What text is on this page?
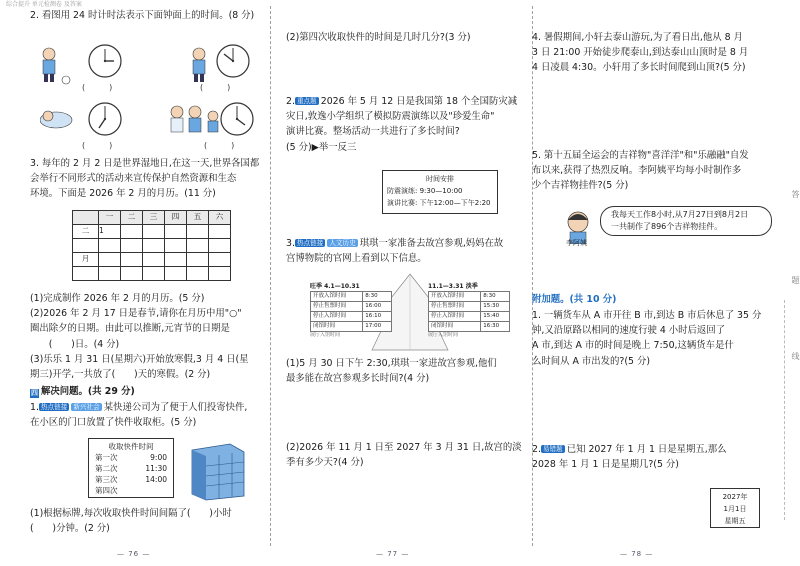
综合提升 单元检测卷 及答案

2. 看图用 24 时计时法表示下面钟面上的时间。(8 分)

(　　　)	(　　　)
(　　　)	(　　　)

3. 每年的 2 月 2 日是世界湿地日,在这一天,世界各国都

会举行不同形式的活动来宣传保护自然资源和生态

环境。下面是 2026 年 2 月的月历。(11 分)

	一	二	三	四	五	六
二	1					

月						

(1)完成制作 2026 年 2 月的月历。(5 分)

(2)2026 年 2 月 17 日是春节,请你在月历中用"○"

圈出除夕的日期。由此可以推断,元宵节的日期是

　　(　　)日。(4 分)

(3)乐乐 1 月 31 日(星期六)开始放寒假,3 月 4 日(星

期三)开学,一共放了(　　)天的寒假。(2 分)

四 解决问题。(共 29 分)

1. 热点链接 新兴社会 某快递公司为了便于人们投寄快件,

在小区的门口放置了快件收取柜。(5 分)

收取快件时间
第一次	9:00
第二次	11:30
第三次	14:00
第四次

(1)根据标牌,每次收取快件时间间隔了(　　)小时

(　　)分钟。(2 分)

— 76 —

(2)第四次收取快件的时间是几时几分?(3 分)

2. 重点题 2026 年 5 月 12 日是我国第 18 个全国防灾减

灾日,敦逸小学组织了模拟防震演练以及"珍爱生命"

演讲比赛。整场活动一共进行了多长时间?

(5 分)▶举一反三

时间安排
防震演练: 9:30—10:00
演讲比赛: 下午12:00—下午2:20

3. 热点链接 人文历史 琪琪一家准备去故宫参观,妈妈在故

宫博物院的官网上看到以下信息。

旺季 4.1—10.31
开放入馆时间	8:30
停止售票时间	16:00
停止入馆时间	16:10
闭馆时间	17:00
展厅入馆时间
11.1—3.31 淡季
开放入馆时间	8:30
停止售票时间	15:30
停止入馆时间	15:40
闭馆时间	16:30
展厅入馆时间

(1)5 月 30 日下午 2:30,琪琪一家进故宫参观,他们

最多能在故宫参观多长时间?(4 分)

(2)2026 年 11 月 1 日至 2027 年 3 月 31 日,故宫的淡

季有多少天?(4 分)

— 77 —

4. 暑假期间,小轩去泰山游玩,为了看日出,他从 8 月

3 日 21:00 开始徒步爬泰山,到达泰山山顶时是 8 月

4 日凌晨 4:30。小轩用了多长时间爬到山顶?(5 分)

5. 第十五届全运会的吉祥物"喜洋洋"和"乐融融"自发

布以来,获得了热烈反响。李阿姨平均每小时制作多

少个吉祥物挂件?(5 分)

李阿姨
我每天工作8小时,从7月27日到8月2日
一共制作了896个吉祥物挂件。
附加题。(共 10 分)

1. 一辆货车从 A 市开往 B 市,到达 B 市后休息了 35 分

钟,又沿原路以相同的速度行驶 4 小时后返回了

A 市,到达 A 市的时间是晚上 7:50,这辆货车是什

么时间从 A 市出发的?(5 分)

2. 易错题 已知 2027 年 1 月 1 日是星期五,那么

2028 年 1 月 1 日是星期几?(5 分)

2027年
1月1日
星期五
答
题
线
— 78 —
